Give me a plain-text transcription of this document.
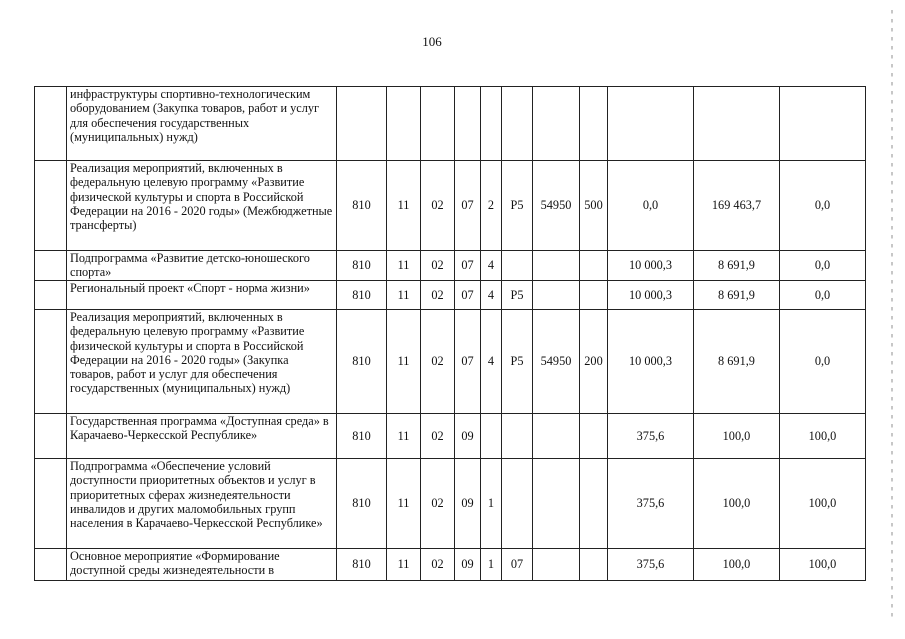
106
	инфраструктуры спортивно-технологическим оборудованием (Закупка товаров, работ и услуг для обеспечения государственных (муниципальных) нужд)											
	Реализация мероприятий, включенных в федеральную целевую программу «Развитие физической культуры и спорта в Российской Федерации на 2016 - 2020 годы» (Межбюджетные трансферты)	810	11	02	07	2	P5	54950	500	0,0	169 463,7	0,0
	Подпрограмма «Развитие детско-юношеского спорта»	810	11	02	07	4				10 000,3	8 691,9	0,0
	Региональный проект «Спорт - норма жизни»	810	11	02	07	4	P5			10 000,3	8 691,9	0,0
	Реализация мероприятий, включенных в федеральную целевую программу «Развитие физической культуры и спорта в Российской Федерации на 2016 - 2020 годы» (Закупка товаров, работ и услуг для обеспечения государственных (муниципальных) нужд)	810	11	02	07	4	P5	54950	200	10 000,3	8 691,9	0,0
	Государственная программа «Доступная среда» в Карачаево-Черкесской Республике»	810	11	02	09					375,6	100,0	100,0
	Подпрограмма «Обеспечение условий доступности приоритетных объектов и услуг в приоритетных сферах жизнедеятельности инвалидов и других маломобильных групп населения в Карачаево-Черкесской Республике»	810	11	02	09	1				375,6	100,0	100,0
	Основное мероприятие «Формирование доступной среды жизнедеятельности в	810	11	02	09	1	07			375,6	100,0	100,0
